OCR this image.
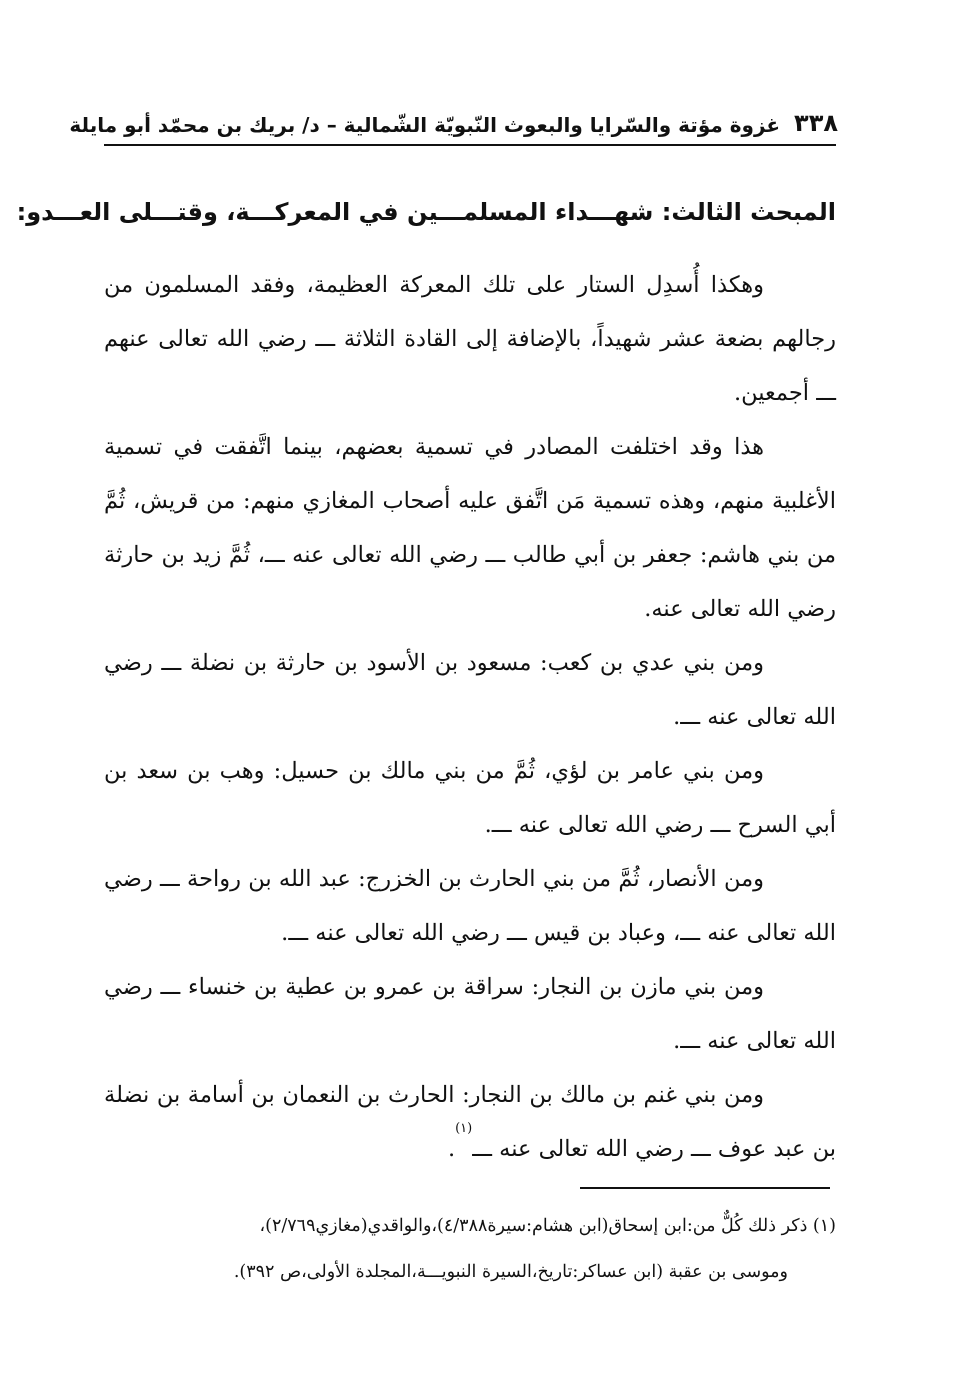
٣٣٨
غزوة مؤتة والسّرايا والبعوث النّبويّة الشّمالية – د/ بريك بن محمّد أبو مايلة
المبحث الثالث: شهـــداء المسلمـــين في المعركـــة، وقتـــلى العـــدو:

وهكذا أُسدِل الستار على تلك المعركة العظيمة، وفقد المسلمون من رجالهم بضعة عشر شهيداً، بالإضافة إلى القادة الثلاثة ـــ رضي الله تعالى عنهم ـــ أجمعين.

هذا وقد اختلفت المصادر في تسمية بعضهم، بينما اتَّفقت في تسمية الأغلبية منهم، وهذه تسمية مَن اتَّفق عليه أصحاب المغازي منهم: من قريش، ثُمَّ من بني هاشم: جعفر بن أبي طالب ـــ رضي الله تعالى عنه ـــ، ثُمَّ زيد بن حارثة رضي الله تعالى عنه.

ومن بني عدي بن كعب: مسعود بن الأسود بن حارثة بن نضلة ـــ رضي الله تعالى عنه ـــ.

ومن بني عامر بن لؤي، ثُمَّ من بني مالك بن حسيل: وهب بن سعد بن أبي السرح ـــ رضي الله تعالى عنه ـــ.

ومن الأنصار، ثُمَّ من بني الحارث بن الخزرج: عبد الله بن رواحة ـــ رضي الله تعالى عنه ـــ، وعباد بن قيس ـــ رضي الله تعالى عنه ـــ.

ومن بني مازن بن النجار: سراقة بن عمرو بن عطية بن خنساء ـــ رضي الله تعالى عنه ـــ.

ومن بني غنم بن مالك بن النجار: الحارث بن النعمان بن أسامة بن نضلة بن عبد عوف ـــ رضي الله تعالى عنه ـــ$^{(١)}$.

(١) ذكر ذلك كُلٌّ من:ابن إسحاق(ابن هشام:سيرة٤/٣٨٨)،والواقدي(مغازي٢/٧٦٩)،

وموسى بن عقبة (ابن عساكر:تاريخ،السيرة النبويـــة،المجلدة الأولى،ص ٣٩٢).
